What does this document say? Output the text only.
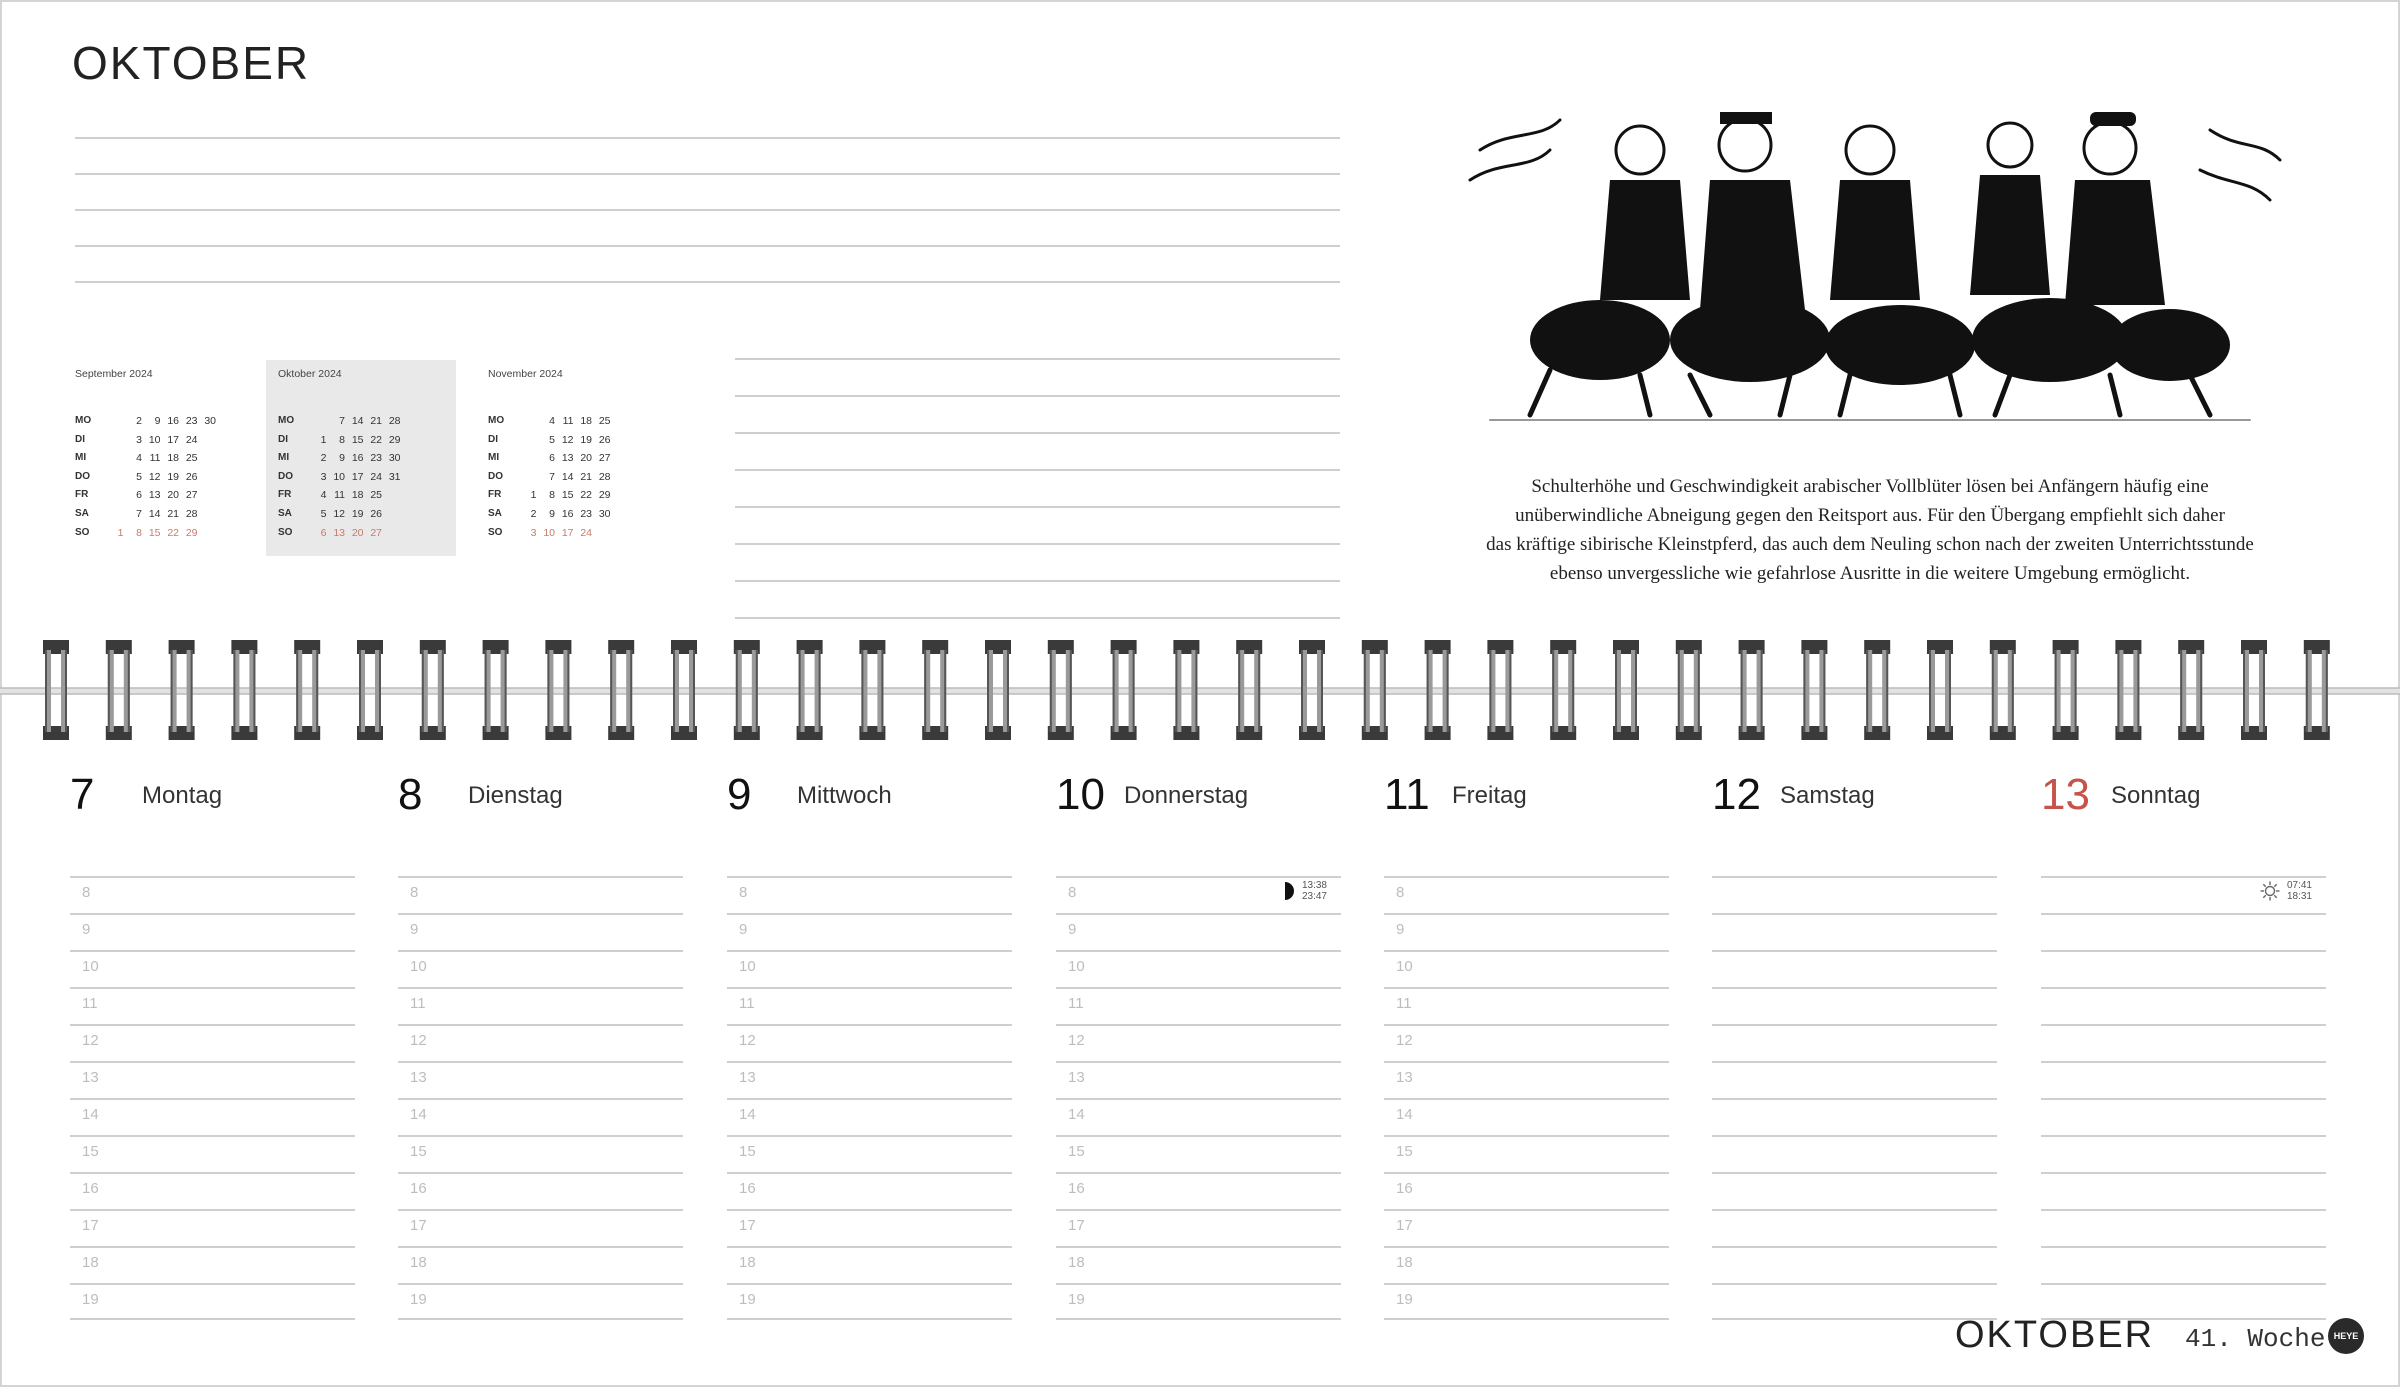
OKTOBER
September 2024
MO	2	9 16 23 30
DI	3 10 17 24
MI	4 11 18 25
DO	5 12 19 26
FR	6 13 20 27
SA	7 14 21 28
SO	1	8 15 22 29
Oktober 2024
MO	7 14 21 28
DI	1	8 15 22 29
MI	2	9 16 23 30
DO	3 10 17 24 31
FR	4 11 18 25
SA	5 12 19 26
SO	6 13 20 27
November 2024
MO	4 11 18 25
DI	5 12 19 26
MI	6 13 20 27
DO	7 14 21 28
FR	1	8 15 22 29
SA	2	9 16 23 30
SO	3 10 17 24
Schulterhöhe und Geschwindigkeit arabischer Vollblüter lösen bei Anfängern häufig eine
unüberwindliche Abneigung gegen den Reitsport aus. Für den Übergang empfiehlt sich daher
das kräftige sibirische Kleinstpferd, das auch dem Neuling schon nach der zweiten Unterrichtsstunde
ebenso unvergessliche wie gefahrlose Ausritte in die weitere Umgebung ermöglicht.
7 Montag
8
9
10
11
12
13
14
15
16
17
18
19
8 Dienstag
8
9
10
11
12
13
14
15
16
17
18
19
9 Mittwoch
8
9
10
11
12
13
14
15
16
17
18
19
10 Donnerstag
8	13:38
23:47
9
10
11
12
13
14
15
16
17
18
19
11 Freitag
8
9
10
11
12
13
14
15
16
17
18
19
12 Samstag	13 Sonntag
07:41
18:31
OKTOBER 41. Woche HEYE
